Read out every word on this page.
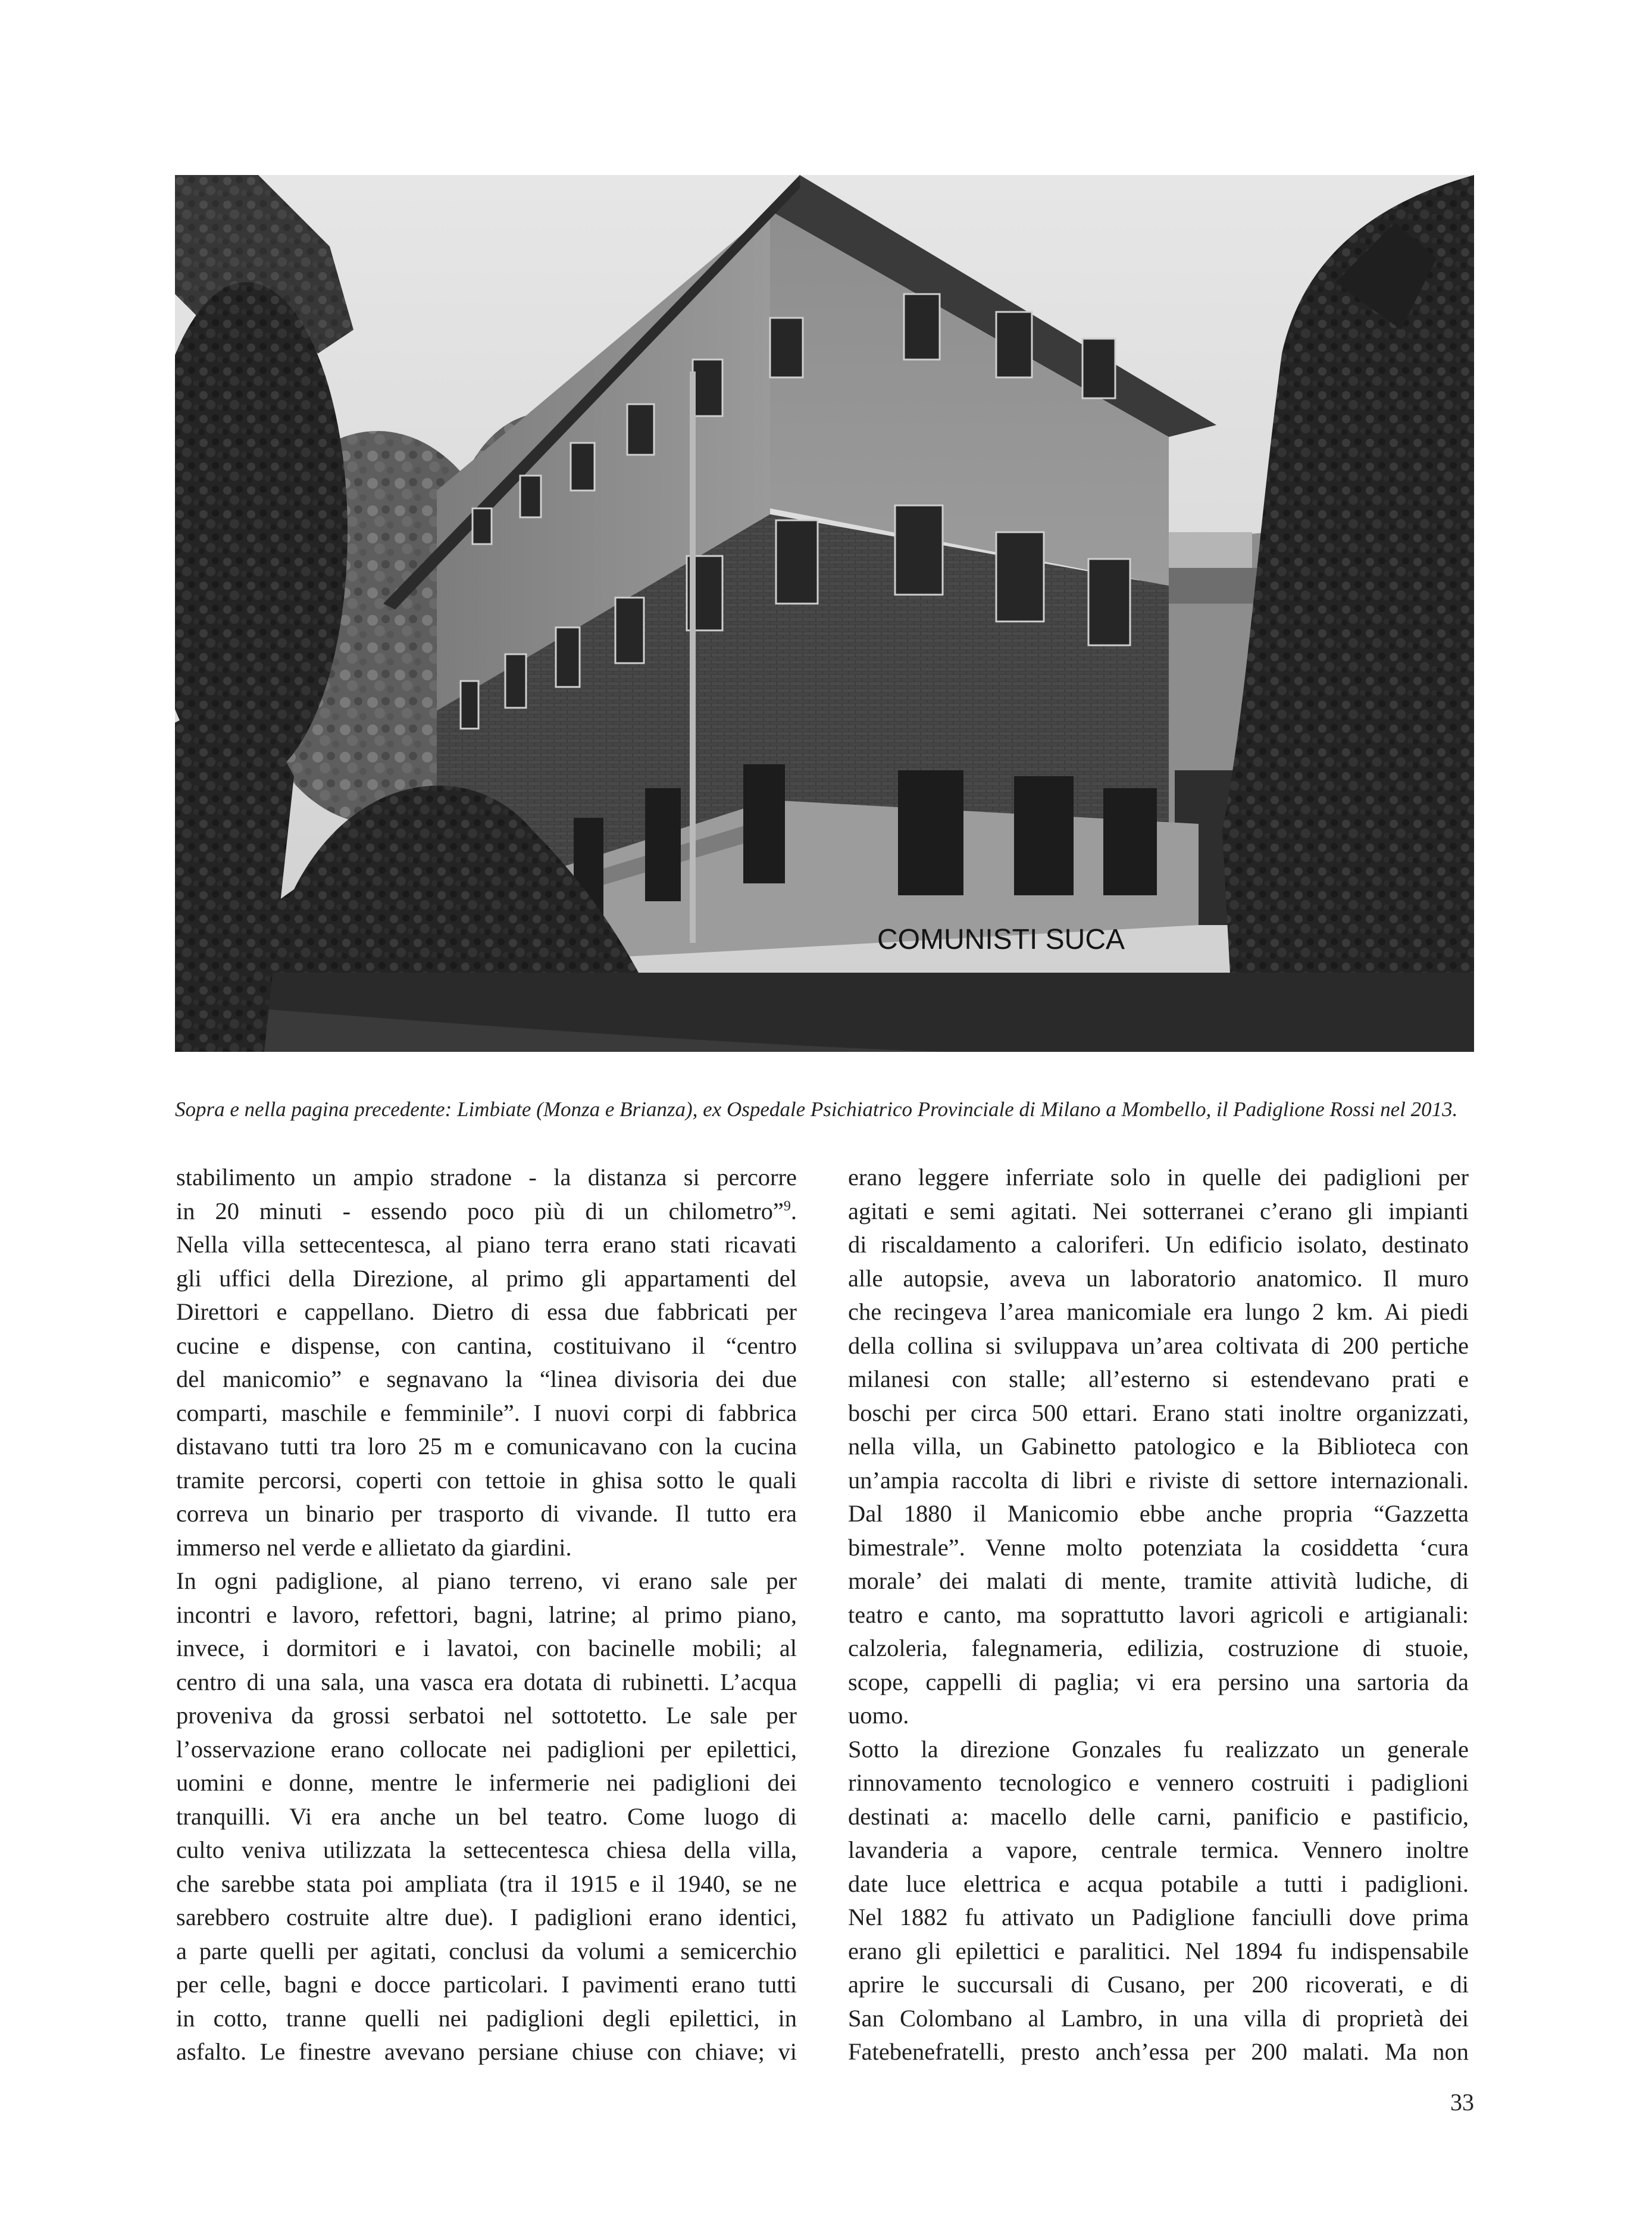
COMUNISTI SUCA
Sopra e nella pagina precedente: Limbiate (Monza e Brianza), ex Ospedale Psichiatrico Provinciale di Milano a Mombello, il Padiglione Rossi nel 2013.

stabilimento un ampio stradone - la distanza si percorre

in 20 minuti - essendo poco più di un chilometro”$^9$.

Nella villa settecentesca, al piano terra erano stati ricavati

gli uffici della Direzione, al primo gli appartamenti del

Direttori e cappellano. Dietro di essa due fabbricati per

cucine e dispense, con cantina, costituivano il “centro

del manicomio” e segnavano la “linea divisoria dei due

comparti, maschile e femminile”. I nuovi corpi di fabbrica

distavano tutti tra loro 25 m e comunicavano con la cucina

tramite percorsi, coperti con tettoie in ghisa sotto le quali

correva un binario per trasporto di vivande. Il tutto era

immerso nel verde e allietato da giardini.

In ogni padiglione, al piano terreno, vi erano sale per

incontri e lavoro, refettori, bagni, latrine; al primo piano,

invece, i dormitori e i lavatoi, con bacinelle mobili; al

centro di una sala, una vasca era dotata di rubinetti. L’acqua

proveniva da grossi serbatoi nel sottotetto. Le sale per

l’osservazione erano collocate nei padiglioni per epilettici,

uomini e donne, mentre le infermerie nei padiglioni dei

tranquilli. Vi era anche un bel teatro. Come luogo di

culto veniva utilizzata la settecentesca chiesa della villa,

che sarebbe stata poi ampliata (tra il 1915 e il 1940, se ne

sarebbero costruite altre due). I padiglioni erano identici,

a parte quelli per agitati, conclusi da volumi a semicerchio

per celle, bagni e docce particolari. I pavimenti erano tutti

in cotto, tranne quelli nei padiglioni degli epilettici, in

asfalto. Le finestre avevano persiane chiuse con chiave; vi

erano leggere inferriate solo in quelle dei padiglioni per

agitati e semi agitati. Nei sotterranei c’erano gli impianti

di riscaldamento a caloriferi. Un edificio isolato, destinato

alle autopsie, aveva un laboratorio anatomico. Il muro

che recingeva l’area manicomiale era lungo 2 km. Ai piedi

della collina si sviluppava un’area coltivata di 200 pertiche

milanesi con stalle; all’esterno si estendevano prati e

boschi per circa 500 ettari. Erano stati inoltre organizzati,

nella villa, un Gabinetto patologico e la Biblioteca con

un’ampia raccolta di libri e riviste di settore internazionali.

Dal 1880 il Manicomio ebbe anche propria “Gazzetta

bimestrale”. Venne molto potenziata la cosiddetta ‘cura

morale’ dei malati di mente, tramite attività ludiche, di

teatro e canto, ma soprattutto lavori agricoli e artigianali:

calzoleria, falegnameria, edilizia, costruzione di stuoie,

scope, cappelli di paglia; vi era persino una sartoria da

uomo.

Sotto la direzione Gonzales fu realizzato un generale

rinnovamento tecnologico e vennero costruiti i padiglioni

destinati a: macello delle carni, panificio e pastificio,

lavanderia a vapore, centrale termica. Vennero inoltre

date luce elettrica e acqua potabile a tutti i padiglioni.

Nel 1882 fu attivato un Padiglione fanciulli dove prima

erano gli epilettici e paralitici. Nel 1894 fu indispensabile

aprire le succursali di Cusano, per 200 ricoverati, e di

San Colombano al Lambro, in una villa di proprietà dei

Fatebenefratelli, presto anch’essa per 200 malati. Ma non

33
